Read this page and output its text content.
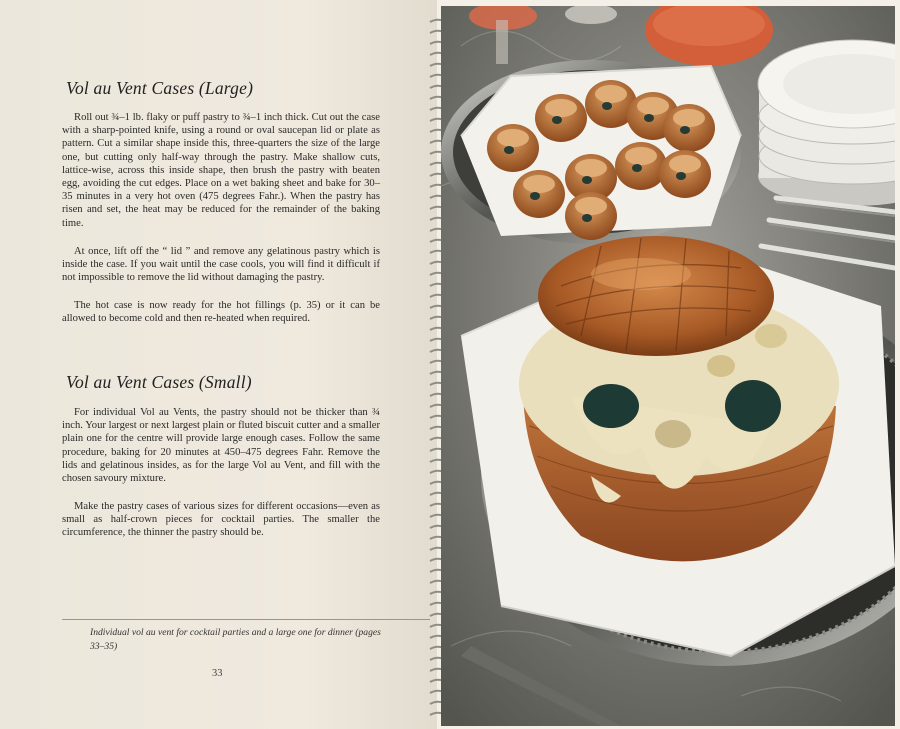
Vol au Vent Cases (Large)

Roll out ¾–1 lb. flaky or puff pastry to ¾–1 inch thick. Cut out the case with a sharp-pointed knife, using a round or oval saucepan lid or plate as pattern. Cut a similar shape inside this, three-quarters the size of the large one, but cutting only half-way through the pastry. Make shallow cuts, lattice-wise, across this inside shape, then brush the pastry with beaten egg, avoiding the cut edges. Place on a wet baking sheet and bake for 30–35 minutes in a very hot oven (475 degrees Fahr.). When the pastry has risen and set, the heat may be reduced for the remainder of the baking time.

At once, lift off the “ lid ” and remove any gelatinous pastry which is inside the case. If you wait until the case cools, you will find it difficult if not impossible to remove the lid without damaging the pastry.

The hot case is now ready for the hot fillings (p. 35) or it can be allowed to become cold and then re-heated when required.

Vol au Vent Cases (Small)

For individual Vol au Vents, the pastry should not be thicker than ¾ inch. Your largest or next largest plain or fluted biscuit cutter and a smaller plain one for the centre will provide large enough cases. Follow the same procedure, baking for 20 minutes at 450–475 degrees Fahr. Remove the lids and gelatinous insides, as for the large Vol au Vent, and fill with the chosen savoury mixture.

Make the pastry cases of various sizes for different occasions—even as small as half-crown pieces for cocktail parties. The smaller the circumference, the thinner the pastry should be.

Individual vol au vent for cocktail parties and a large one for dinner (pages 33–35)

33
